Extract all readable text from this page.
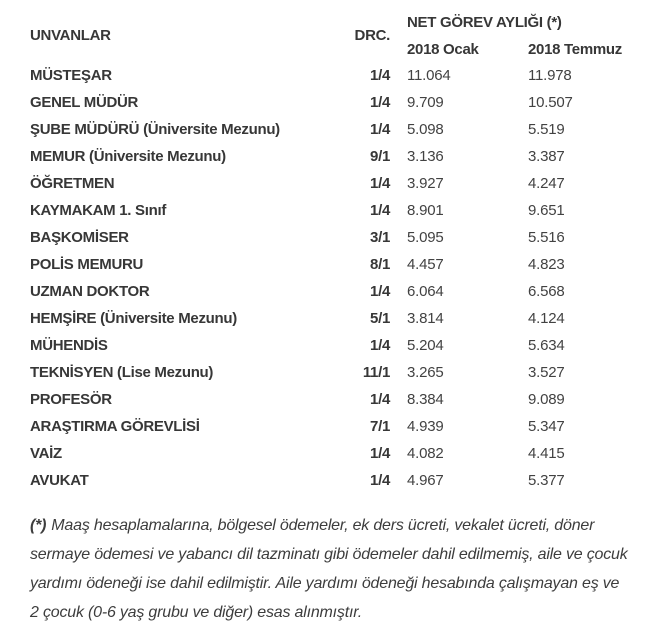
UNVANLAR	DRC.
NET GÖREV AYLIĞI (*)
2018 Ocak	2018 Temmuz
MÜSTEŞAR	1/4	11.064	11.978
GENEL MÜDÜR	1/4	9.709	10.507
ŞUBE MÜDÜRÜ (Üniversite Mezunu)	1/4	5.098	5.519
MEMUR (Üniversite Mezunu)	9/1	3.136	3.387
ÖĞRETMEN	1/4	3.927	4.247
KAYMAKAM 1. Sınıf	1/4	8.901	9.651
BAŞKOMİSER	3/1	5.095	5.516
POLİS MEMURU	8/1	4.457	4.823
UZMAN DOKTOR	1/4	6.064	6.568
HEMŞİRE (Üniversite Mezunu)	5/1	3.814	4.124
MÜHENDİS	1/4	5.204	5.634
TEKNİSYEN (Lise Mezunu)	11/1	3.265	3.527
PROFESÖR	1/4	8.384	9.089
ARAŞTIRMA GÖREVLİSİ	7/1	4.939	5.347
VAİZ	1/4	4.082	4.415
AVUKAT	1/4	4.967	5.377

(*) Maaş hesaplamalarına, bölgesel ödemeler, ek ders ücreti, vekalet ücreti, döner sermaye ödemesi ve yabancı dil tazminatı gibi ödemeler dahil edilmemiş, aile ve çocuk yardımı ödeneği ise dahil edilmiştir. Aile yardımı ödeneği hesabında çalışmayan eş ve 2 çocuk (0-6 yaş grubu ve diğer) esas alınmıştır.
